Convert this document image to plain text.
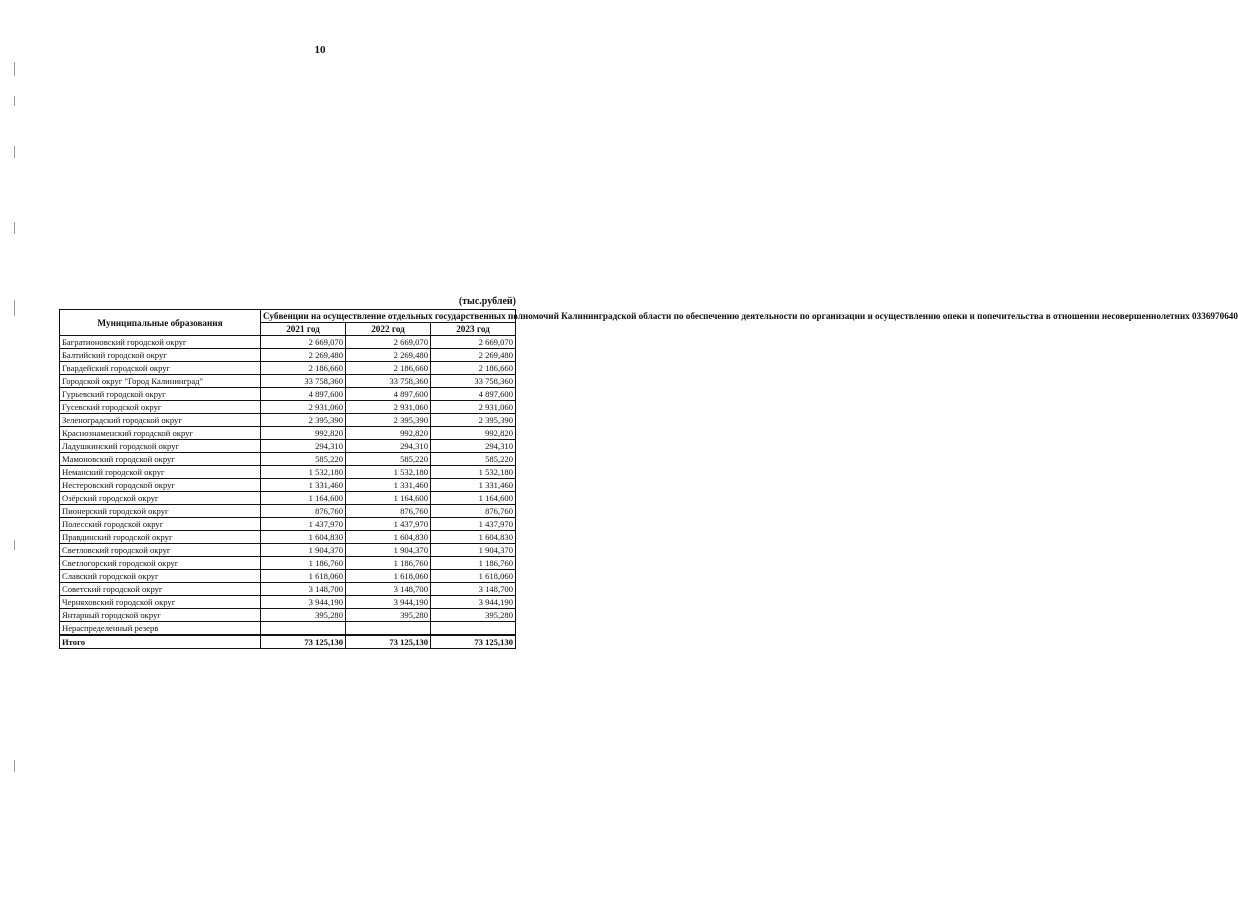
10
(тыс.рублей)
Муниципальные образования	Субвенции на осуществление отдельных государственных полномочий Калининградской области по обеспечению деятельности по организации и осуществлению опеки и попечительства в отношении несовершеннолетних 0336970640		
	2021 год	2022 год	2023 год
Багратионовский городской округ	2 669,070	2 669,070	2 669,070
Балтийский городской округ	2 269,480	2 269,480	2 269,480
Гвардейский городской округ	2 186,660	2 186,660	2 186,660
Городской округ "Город Калининград"	33 758,360	33 758,360	33 758,360
Гурьевский городской округ	4 897,600	4 897,600	4 897,600
Гусевский городской округ	2 931,060	2 931,060	2 931,060
Зеленоградский городской округ	2 395,390	2 395,390	2 395,390
Краснознаменский городской округ	992,820	992,820	992,820
Ладушкинский городской округ	294,310	294,310	294,310
Мамоновский городской округ	585,220	585,220	585,220
Неманский городской округ	1 532,180	1 532,180	1 532,180
Нестеровский городской округ	1 331,460	1 331,460	1 331,460
Озёрский городской округ	1 164,600	1 164,600	1 164,600
Пионерский городской округ	876,760	876,760	876,760
Полесский городской округ	1 437,970	1 437,970	1 437,970
Правдинский городской округ	1 604,830	1 604,830	1 604,830
Светловский городской округ	1 904,370	1 904,370	1 904,370
Светлогорский городской округ	1 186,760	1 186,760	1 186,760
Славский городской округ	1 618,060	1 618,060	1 618,060
Советский городской округ	3 148,700	3 148,700	3 148,700
Черняховский городской округ	3 944,190	3 944,190	3 944,190
Янтарный городской округ	395,280	395,280	395,280
Нераспределенный резерв			
Итого	73 125,130	73 125,130	73 125,130
